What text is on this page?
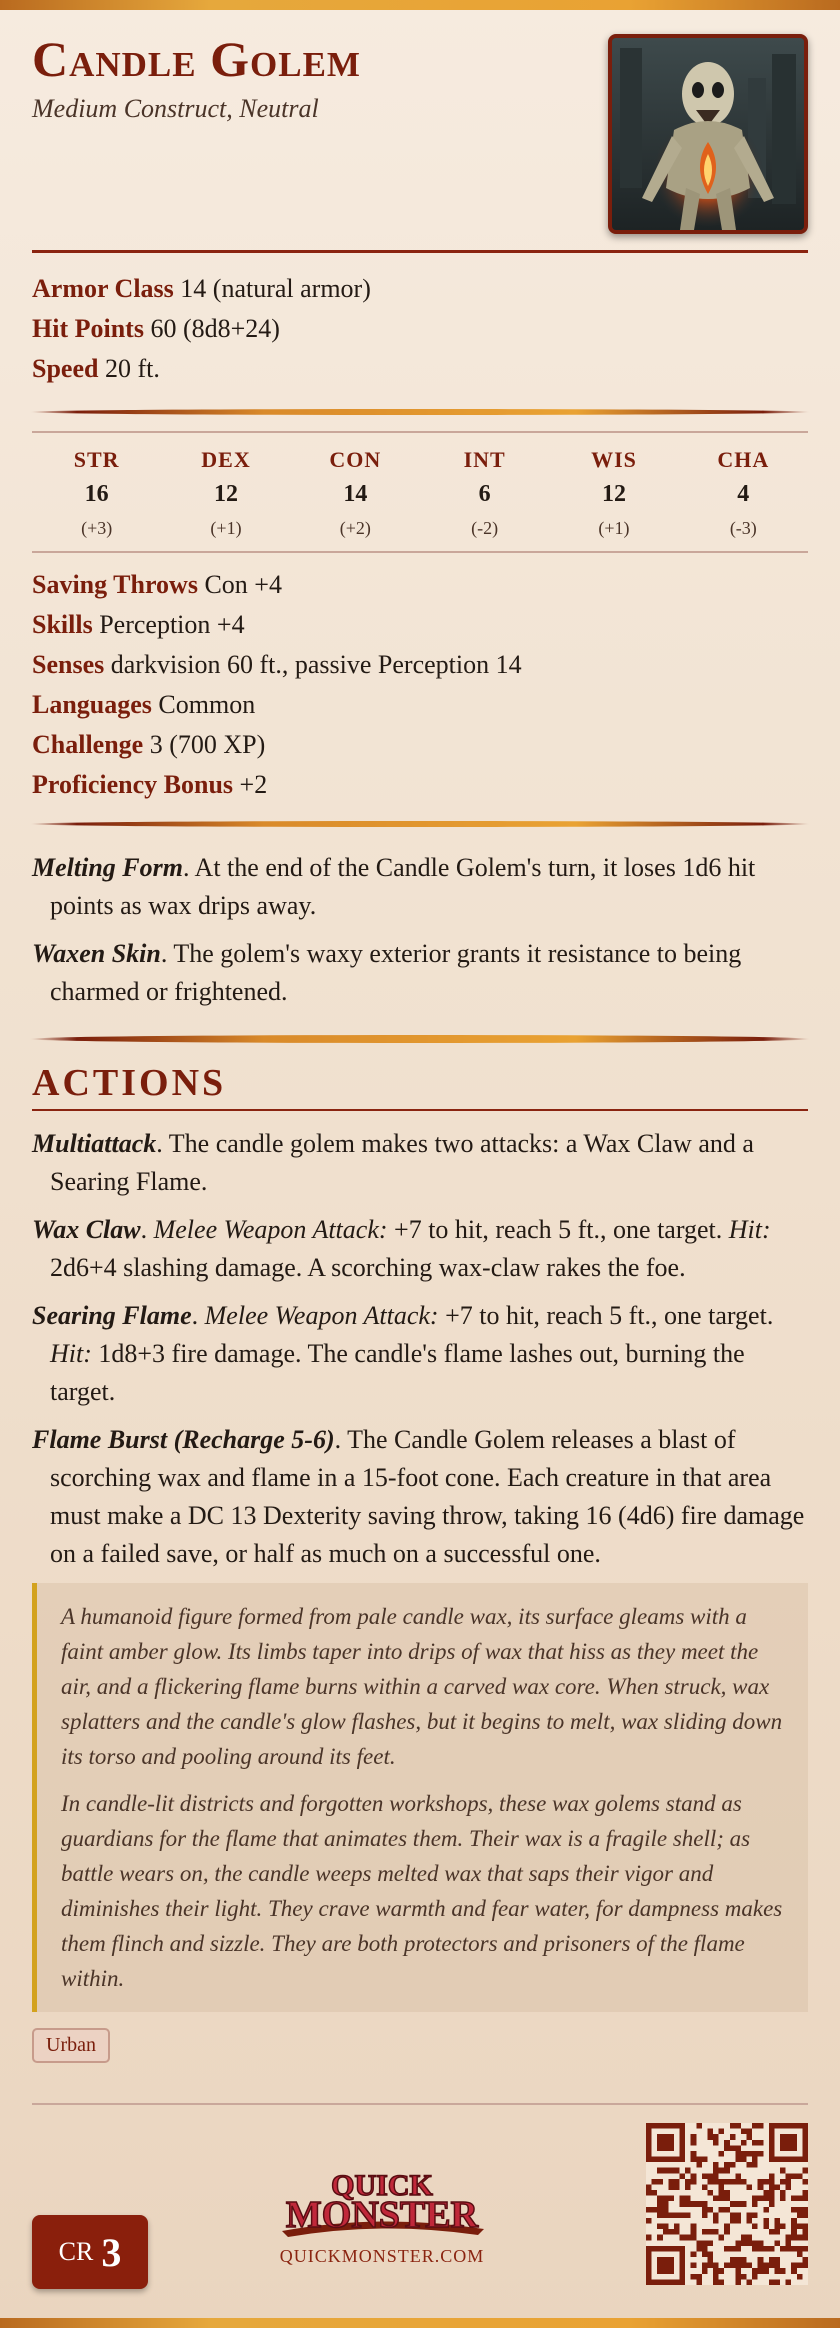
Candle Golem
Medium Construct, Neutral
Armor Class 14 (natural armor)
Hit Points 60 (8d8+24)
Speed 20 ft.
STR
16
(+3)
DEX
12
(+1)
CON
14
(+2)
INT
6
(-2)
WIS
12
(+1)
CHA
4
(-3)
Saving Throws Con +4
Skills Perception +4
Senses darkvision 60 ft., passive Perception 14
Languages Common
Challenge 3 (700 XP)
Proficiency Bonus +2
Melting Form. At the end of the Candle Golem's turn, it loses 1d6 hit points as wax drips away.
Waxen Skin. The golem's waxy exterior grants it resistance to being charmed or frightened.
ACTIONS
Multiattack. The candle golem makes two attacks: a Wax Claw and a Searing Flame.
Wax Claw. Melee Weapon Attack: +7 to hit, reach 5 ft., one target. Hit: 2d6+4 slashing damage. A scorching wax-claw rakes the foe.
Searing Flame. Melee Weapon Attack: +7 to hit, reach 5 ft., one target. Hit: 1d8+3 fire damage. The candle's flame lashes out, burning the target.
Flame Burst (Recharge 5-6). The Candle Golem releases a blast of scorching wax and flame in a 15-foot cone. Each creature in that area must make a DC 13 Dexterity saving throw, taking 16 (4d6) fire damage on a failed save, or half as much on a successful one.

A humanoid figure formed from pale candle wax, its surface gleams with a faint amber glow. Its limbs taper into drips of wax that hiss as they meet the air, and a flickering flame burns within a carved wax core. When struck, wax splatters and the candle's glow flashes, but it begins to melt, wax sliding down its torso and pooling around its feet.

In candle-lit districts and forgotten workshops, these wax golems stand as guardians for the flame that animates them. Their wax is a fragile shell; as battle wears on, the candle weeps melted wax that saps their vigor and diminishes their light. They crave warmth and fear water, for dampness makes them flinch and sizzle. They are both protectors and prisoners of the flame within.

Urban
CR 3
QUICK
MONSTER
QUICKMONSTER.COM
